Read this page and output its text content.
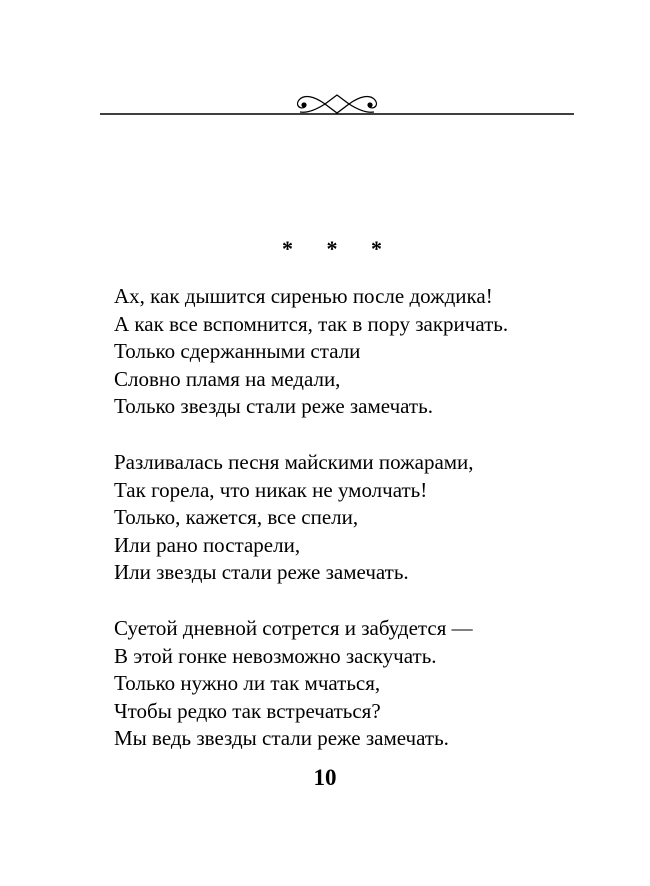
* * *
Ах, как дышится сиренью после дождика!
А как все вспомнится, так в пору закричать.
Только сдержанными стали
Словно пламя на медали,
Только звезды стали реже замечать.
Разливалась песня майскими пожарами,
Так горела, что никак не умолчать!
Только, кажется, все спели,
Или рано постарели,
Или звезды стали реже замечать.
Суетой дневной сотрется и забудется —
В этой гонке невозможно заскучать.
Только нужно ли так мчаться,
Чтобы редко так встречаться?
Мы ведь звезды стали реже замечать.
10
